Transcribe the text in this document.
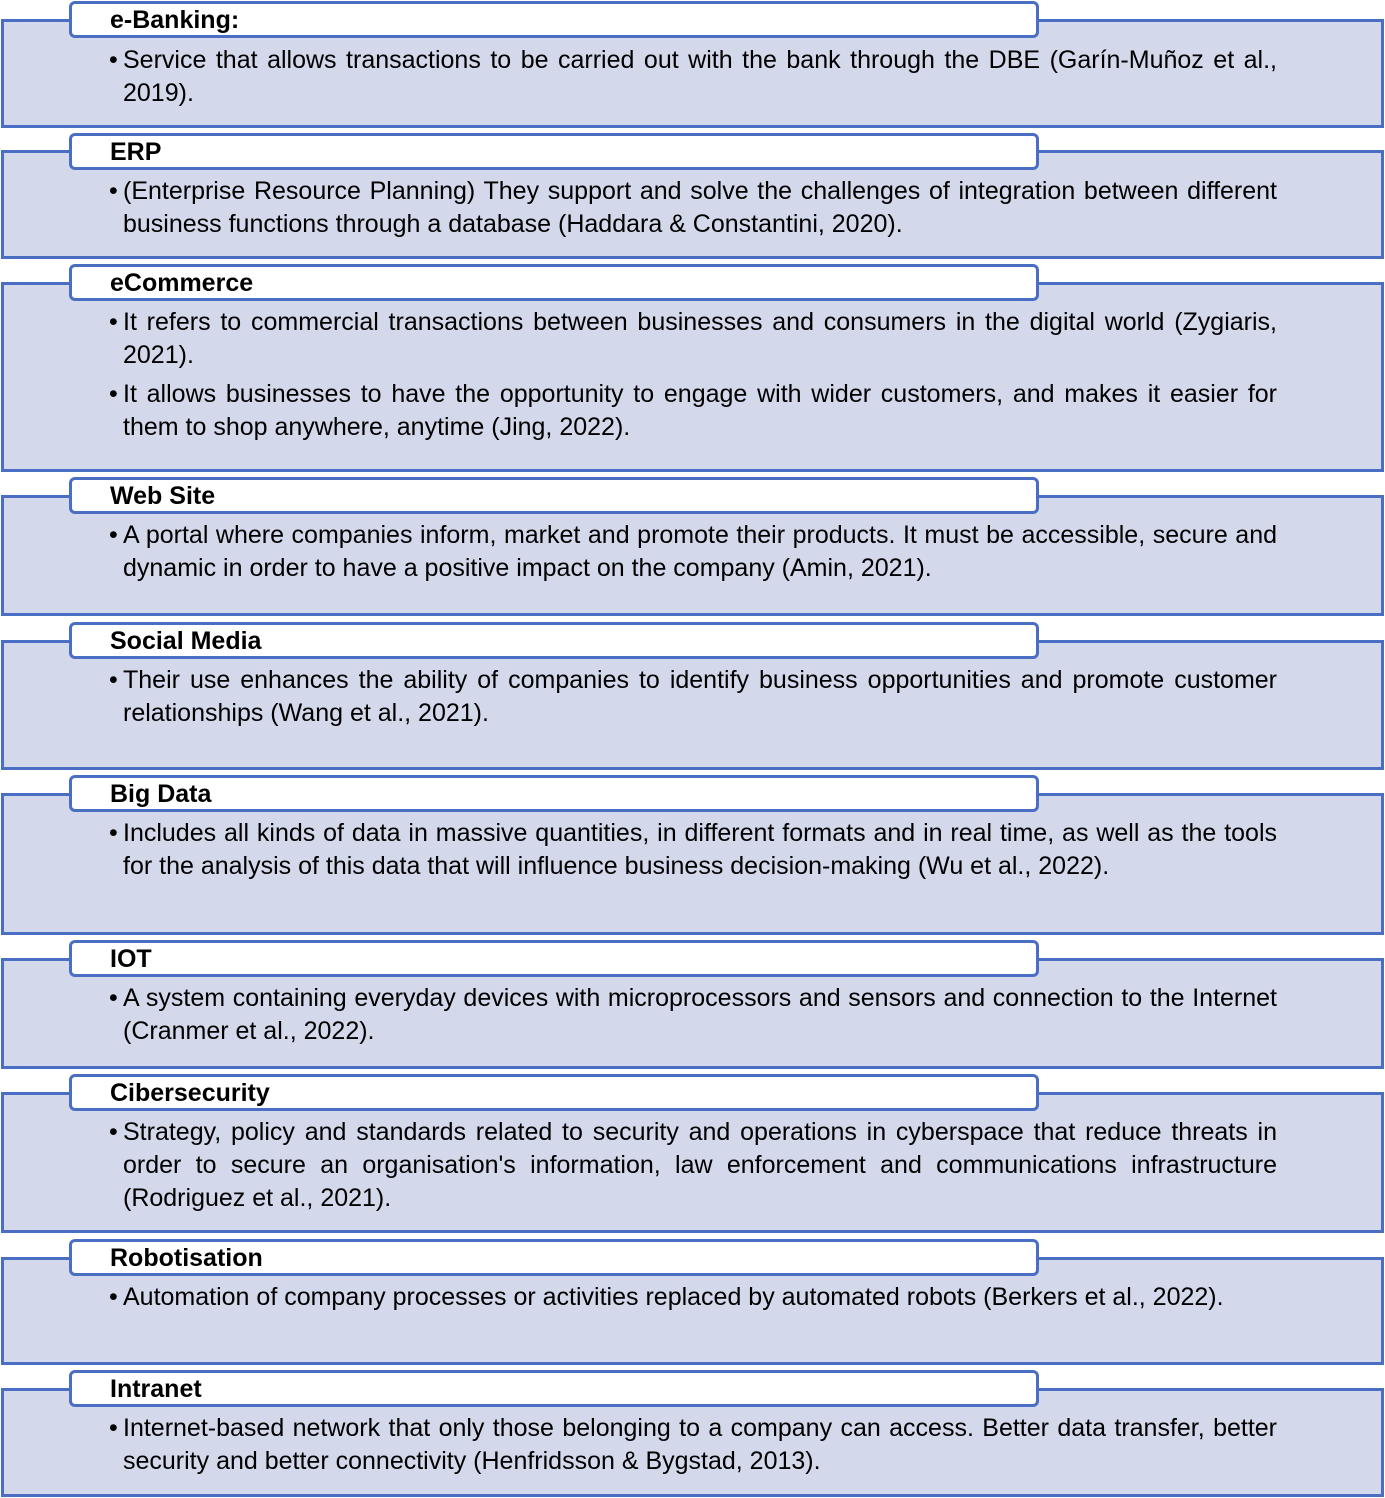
e-Banking:
• Service that allows transactions to be carried out with the bank through the DBE (Garín-Muñoz et al., 2019).
ERP
• (Enterprise Resource Planning) They support and solve the challenges of integration between different business functions through a database (Haddara & Constantini, 2020).
eCommerce
• It refers to commercial transactions between businesses and consumers in the digital world (Zygiaris, 2021).
• It allows businesses to have the opportunity to engage with wider customers, and makes it easier for them to shop anywhere, anytime (Jing, 2022).
Web Site
• A portal where companies inform, market and promote their products. It must be accessible, secure and dynamic in order to have a positive impact on the company (Amin, 2021).
Social Media
• Their use enhances the ability of companies to identify business opportunities and promote customer relationships (Wang et al., 2021).
Big Data
• Includes all kinds of data in massive quantities, in different formats and in real time, as well as the tools for the analysis of this data that will influence business decision-making (Wu et al., 2022).
IOT
• A system containing everyday devices with microprocessors and sensors and connection to the Internet (Cranmer et al., 2022).
Cibersecurity
• Strategy, policy and standards related to security and operations in cyberspace that reduce threats in order to secure an organisation's information, law enforcement and communications infrastructure (Rodriguez et al., 2021).
Robotisation
• Automation of company processes or activities replaced by automated robots (Berkers et al., 2022).
Intranet
• Internet-based network that only those belonging to a company can access. Better data transfer, better security and better connectivity (Henfridsson & Bygstad, 2013).
